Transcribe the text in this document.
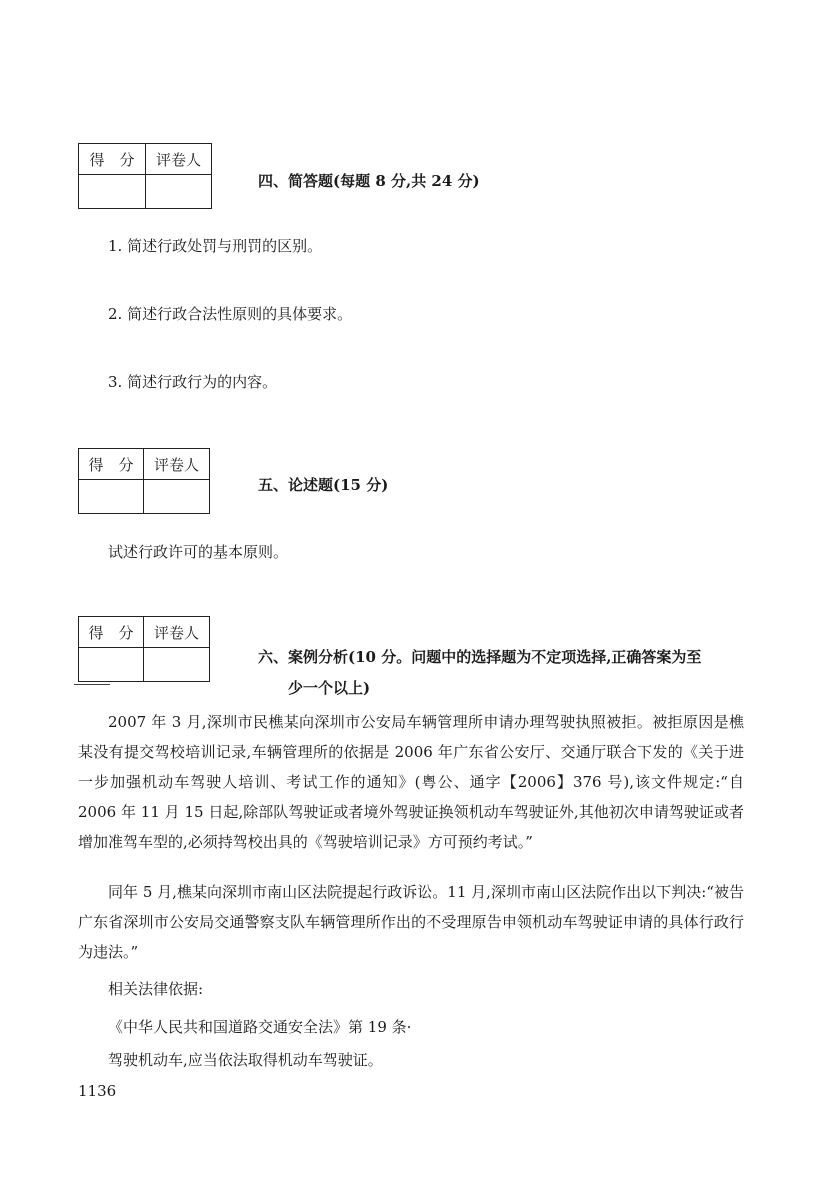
得　分	评卷人

四、简答题(每题 8 分,共 24 分)
1. 简述行政处罚与刑罚的区别。
2. 简述行政合法性原则的具体要求。
3. 简述行政行为的内容。
得　分	评卷人

五、论述题(15 分)
试述行政许可的基本原则。
得　分	评卷人

六、案例分析(10 分。问题中的选择题为不定项选择,正确答案为至
少一个以上)

2007 年 3 月,深圳市民樵某向深圳市公安局车辆管理所申请办理驾驶执照被拒。被拒原因是樵某没有提交驾校培训记录,车辆管理所的依据是 2006 年广东省公安厅、交通厅联合下发的《关于进一步加强机动车驾驶人培训、考试工作的通知》(粤公、通字【2006】376 号),该文件规定:“自 2006 年 11 月 15 日起,除部队驾驶证或者境外驾驶证换领机动车驾驶证外,其他初次申请驾驶证或者增加准驾车型的,必须持驾校出具的《驾驶培训记录》方可预约考试。”

同年 5 月,樵某向深圳市南山区法院提起行政诉讼。11 月,深圳市南山区法院作出以下判决:“被告广东省深圳市公安局交通警察支队车辆管理所作出的不受理原告申领机动车驾驶证申请的具体行政行为违法。”

相关法律依据:
《中华人民共和国道路交通安全法》第 19 条·
驾驶机动车,应当依法取得机动车驾驶证。
1136
